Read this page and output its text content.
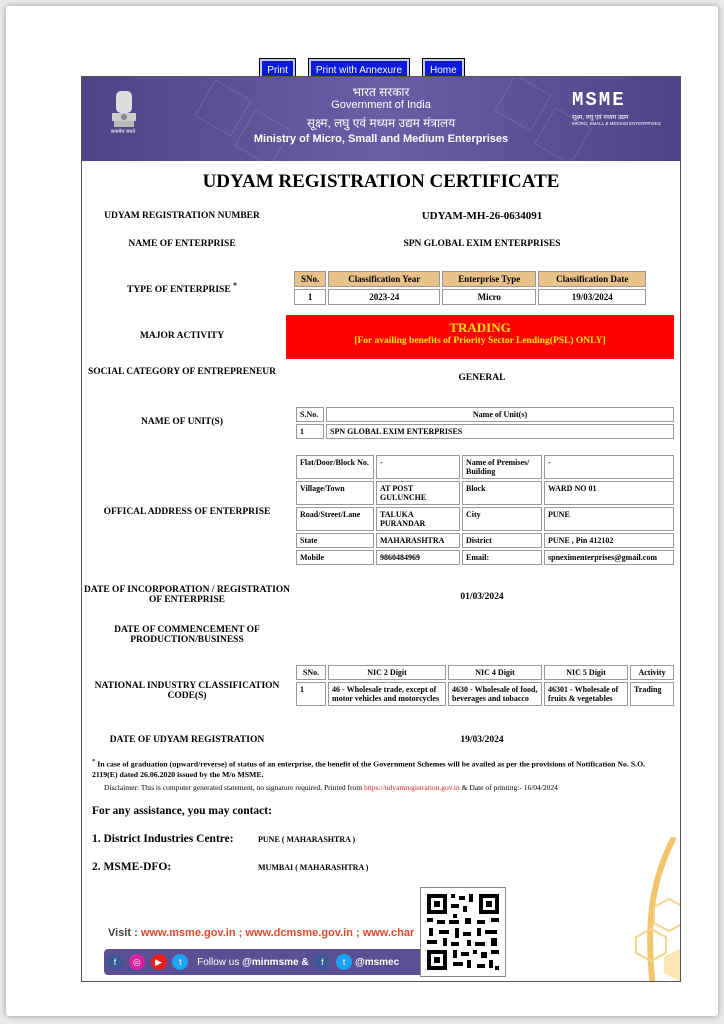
Print	Print with Annexure	Home
सत्यमेव जयते
भारत सरकार
Government of India
सूक्ष्म, लघु एवं मध्यम उद्यम मंत्रालय
Ministry of Micro, Small and Medium Enterprises
MSME
सूक्ष्म, लघु एवं मध्यम उद्यम
MICRO, SMALL & MEDIUM ENTERPRISES
UDYAM REGISTRATION CERTIFICATE
UDYAM REGISTRATION NUMBER	UDYAM-MH-26-0634091
NAME OF ENTERPRISE	SPN GLOBAL EXIM ENTERPRISES
TYPE OF ENTERPRISE *
SNo.	Classification Year	Enterprise Type	Classification Date
1	2023-24	Micro	19/03/2024
MAJOR ACTIVITY
TRADING
[For availing benefits of Priority Sector Lending(PSL) ONLY]
SOCIAL CATEGORY OF ENTREPRENEUR
GENERAL
NAME OF UNIT(S)
S.No.	Name of Unit(s)
1	SPN GLOBAL EXIM ENTERPRISES
OFFICAL ADDRESS OF ENTERPRISE
Flat/Door/Block No.	-	Name of Premises/ Building	-
Village/Town	AT POST GULUNCHE	Block	WARD NO 01
Road/Street/Lane	TALUKA PURANDAR	City	PUNE
State	MAHARASHTRA	District	PUNE , Pin 412102
Mobile	9860484969	Email:	spneximenterprises@gmail.com
DATE OF INCORPORATION / REGISTRATION OF ENTERPRISE	01/03/2024
DATE OF COMMENCEMENT OF PRODUCTION/BUSINESS
NATIONAL INDUSTRY CLASSIFICATION CODE(S)
SNo.	NIC 2 Digit	NIC 4 Digit	NIC 5 Digit	Activity
1	46 - Wholesale trade, except of motor vehicles and motorcycles	4630 - Wholesale of food, beverages and tobacco	46301 - Wholesale of fruits & vegetables	Trading
DATE OF UDYAM REGISTRATION	19/03/2024
* In case of graduation (upward/reverse) of status of an enterprise, the benefit of the Government Schemes will be availed as per the provisions of Notification No. S.O. 2119(E) dated 26.06.2020 issued by the M/o MSME.
Disclaimer: This is computer generated statement, no signature required. Printed from https://udyamregistration.gov.in & Date of printing:- 16/04/2024
For any assistance, you may contact:
1. District Industries Centre:	PUNE ( MAHARASHTRA )
2. MSME-DFO:	MUMBAI ( MAHARASHTRA )
Visit : www.msme.gov.in ; www.dcmsme.gov.in ; www.char
f ◎ ▶ t Follow us @minmsme & f t @msmec
